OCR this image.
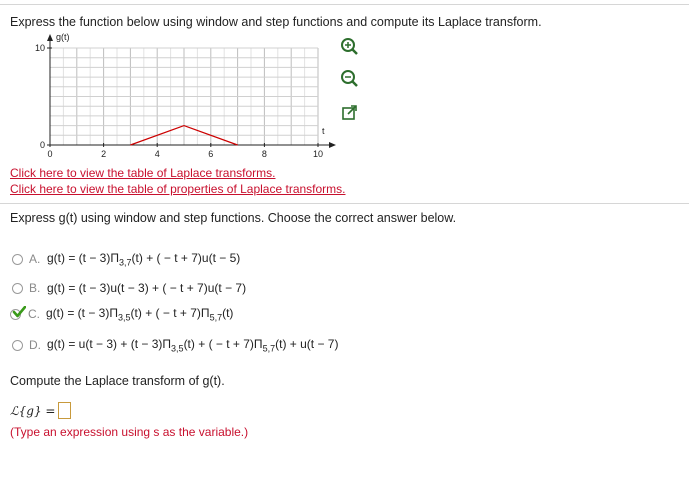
Express the function below using window and step functions and compute its Laplace transform.
0	2	4	6	8	10
10
0
g(t)
t
Click here to view the table of Laplace transforms.
Click here to view the table of properties of Laplace transforms.
Express g(t) using window and step functions. Choose the correct answer below.
A. $g(t) = (t - 3)\Pi_{3,7}(t)$ + ( − t + 7)u(t − 5)
B. g(t) = (t − 3)u(t − 3) + ( − t + 7)u(t − 7)
C. $g(t) = (t - 3)\Pi_{3,5}(t)$ + ( − $t + 7)\Pi_{5,7}(t)$
D. $g(t) = u(t - 3) + (t - 3)\Pi_{3,5}(t)$ + ( − $t + 7)\Pi_{5,7}(t) + u(t - 7)$
Compute the Laplace transform of g(t).
ℒ{g} =
(Type an expression using s as the variable.)
